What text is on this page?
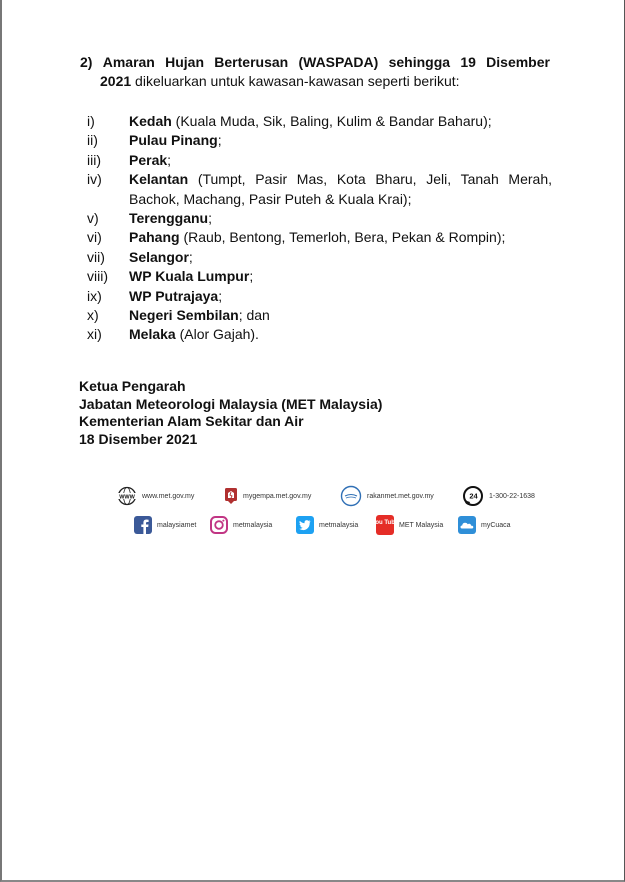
2) Amaran Hujan Berterusan (WASPADA) sehingga 19 Disember
2021 dikeluarkan untuk kawasan-kawasan seperti berikut:
i)	Kedah (Kuala Muda, Sik, Baling, Kulim & Bandar Baharu);
ii)	Pulau Pinang;
iii)	Perak;
iv)	Kelantan (Tumpt, Pasir Mas, Kota Bharu, Jeli, Tanah Merah, Bachok, Machang, Pasir Puteh & Kuala Krai);
v)	Terengganu;
vi)	Pahang (Raub, Bentong, Temerloh, Bera, Pekan & Rompin);
vii)	Selangor;
viii)	WP Kuala Lumpur;
ix)	WP Putrajaya;
x)	Negeri Sembilan; dan
xi)	Melaka (Alor Gajah).
Ketua Pengarah
Jabatan Meteorologi Malaysia (MET Malaysia)
Kementerian Alam Sekitar dan Air
18 Disember 2021
WWW www.met.gov.my	mygempa.met.gov.my	rakanmet.met.gov.my	24 1-300-22-1638
malaysiamet	metmalaysia	metmalaysia You Tube MET Malaysia	myCuaca
